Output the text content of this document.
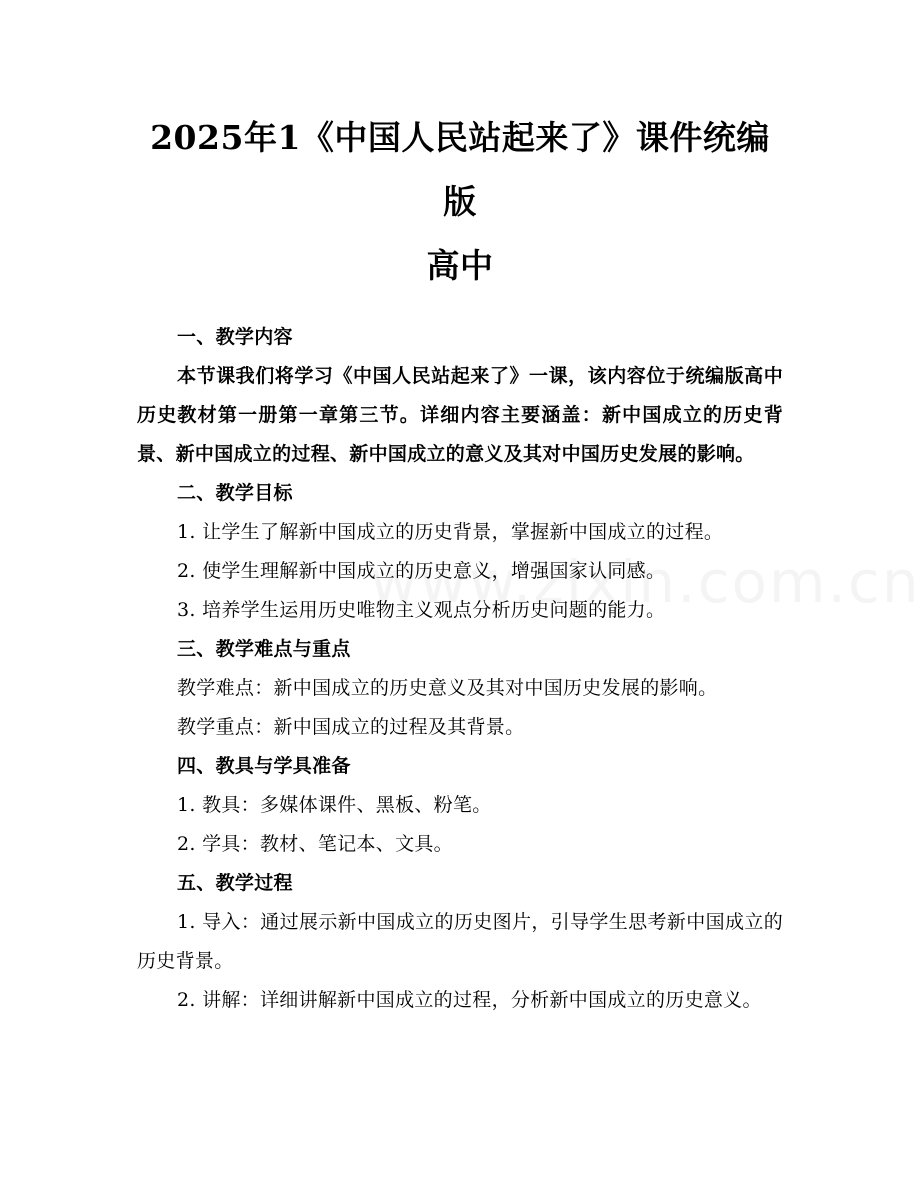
2025年1《中国人民站起来了》课件统编版
高中

一、教学内容

本节课我们将学习《中国人民站起来了》一课，该内容位于统编版高中历史教材第一册第一章第三节。详细内容主要涵盖：新中国成立的历史背景、新中国成立的过程、新中国成立的意义及其对中国历史发展的影响。

二、教学目标

1. 让学生了解新中国成立的历史背景，掌握新中国成立的过程。

2. 使学生理解新中国成立的历史意义，增强国家认同感。

3. 培养学生运用历史唯物主义观点分析历史问题的能力。

三、教学难点与重点

教学难点：新中国成立的历史意义及其对中国历史发展的影响。

教学重点：新中国成立的过程及其背景。

四、教具与学具准备

1. 教具：多媒体课件、黑板、粉笔。

2. 学具：教材、笔记本、文具。

五、教学过程

1. 导入：通过展示新中国成立的历史图片，引导学生思考新中国成立的历史背景。

2. 讲解：详细讲解新中国成立的过程，分析新中国成立的历史意义。
